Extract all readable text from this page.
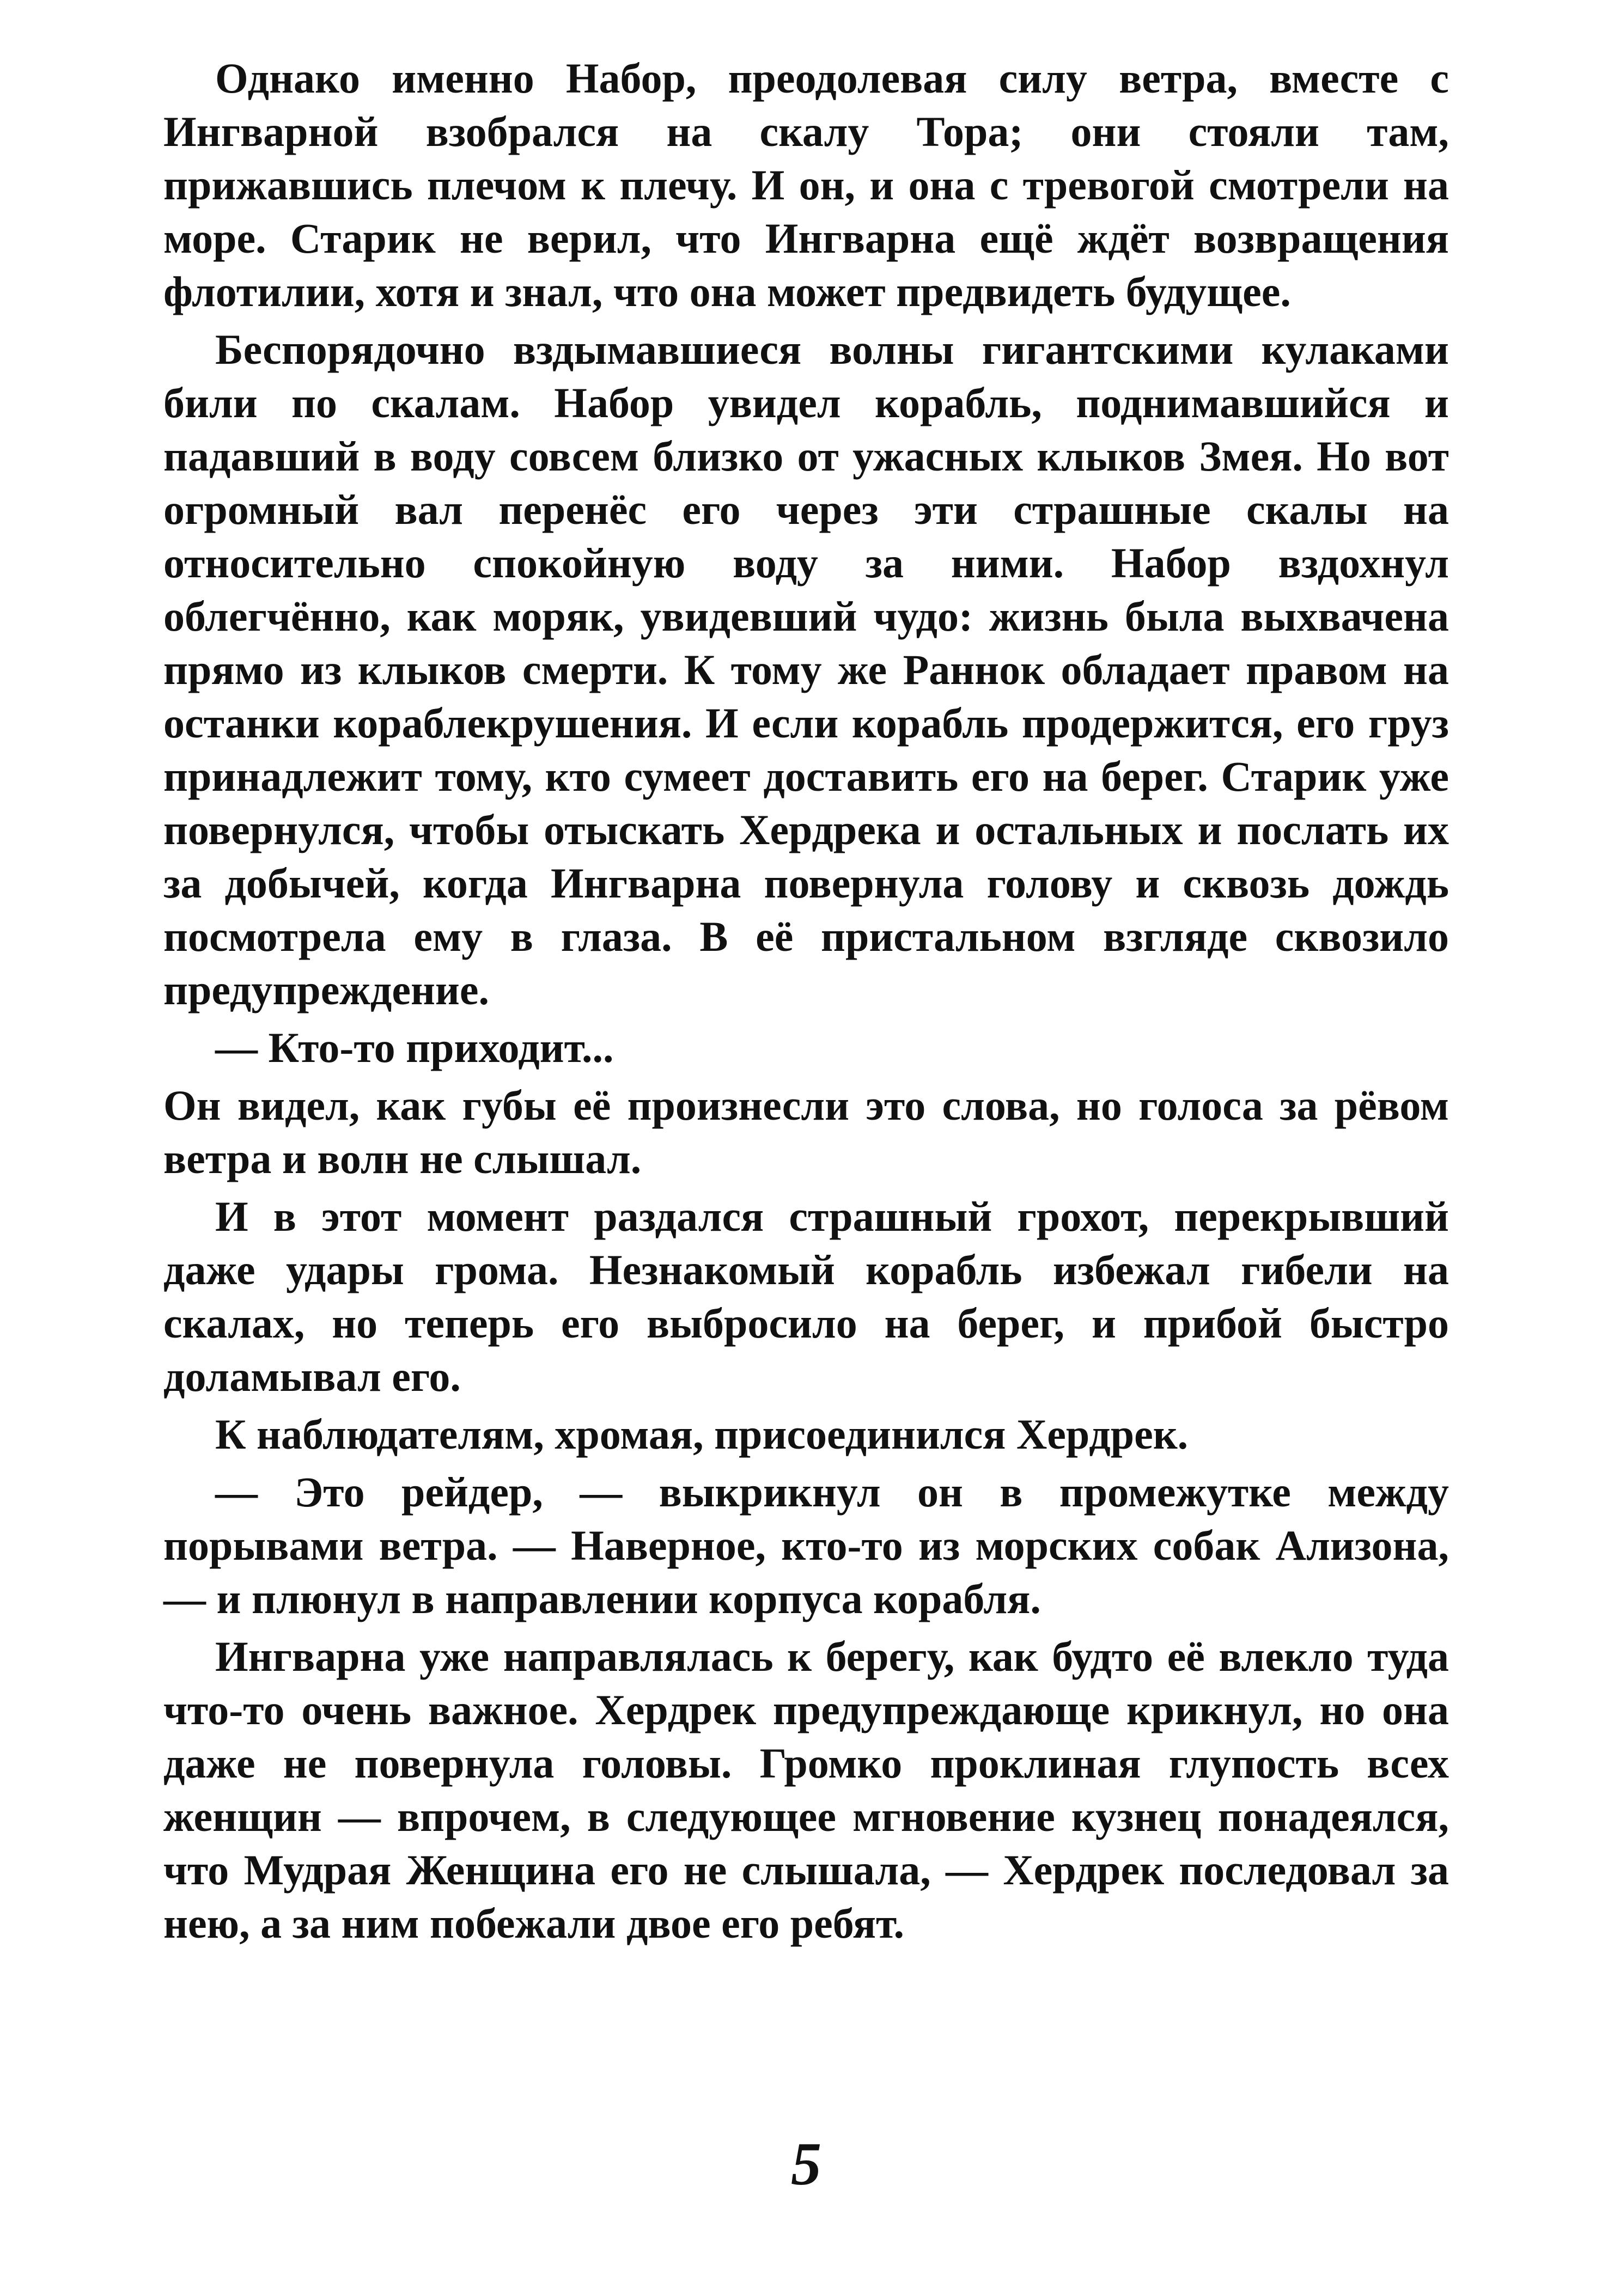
Однако именно Набор, преодолевая силу ветра, вместе с Ингварной взобрался на скалу Тора; они стояли там, прижавшись плечом к плечу. И он, и она с тревогой смотрели на море. Старик не верил, что Ингварна ещё ждёт возвращения флотилии, хотя и знал, что она может предвидеть будущее.

Беспорядочно вздымавшиеся волны гигантскими кулаками били по скалам. Набор увидел корабль, поднимавшийся и падавший в воду совсем близко от ужасных клыков Змея. Но вот огромный вал перенёс его через эти страшные скалы на относительно спокойную воду за ними. Набор вздохнул облегчённо, как моряк, увидевший чудо: жизнь была выхвачена прямо из клыков смерти. К тому же Раннок обладает правом на останки кораблекрушения. И если корабль продержится, его груз принадлежит тому, кто сумеет доставить его на берег. Старик уже повернулся, чтобы отыскать Хердрека и остальных и послать их за добычей, когда Ингварна повернула голову и сквозь дождь посмотрела ему в глаза. В её пристальном взгляде сквозило предупреждение.

— Кто-то приходит...

Он видел, как губы её произнесли это слова, но голоса за рёвом ветра и волн не слышал.

И в этот момент раздался страшный грохот, перекрывший даже удары грома. Незнакомый корабль избежал гибели на скалах, но теперь его выбросило на берег, и прибой быстро доламывал его.

К наблюдателям, хромая, присоединился Хердрек.

— Это рейдер, — выкрикнул он в промежутке между порывами ветра. — Наверное, кто-то из морских собак Ализона, — и плюнул в направлении корпуса корабля.

Ингварна уже направлялась к берегу, как будто её влекло туда что-то очень важное. Хердрек предупреждающе крикнул, но она даже не повернула головы. Громко проклиная глупость всех женщин — впрочем, в следующее мгновение кузнец понадеялся, что Мудрая Женщина его не слышала, — Хердрек последовал за нею, а за ним побежали двое его ребят.

5
